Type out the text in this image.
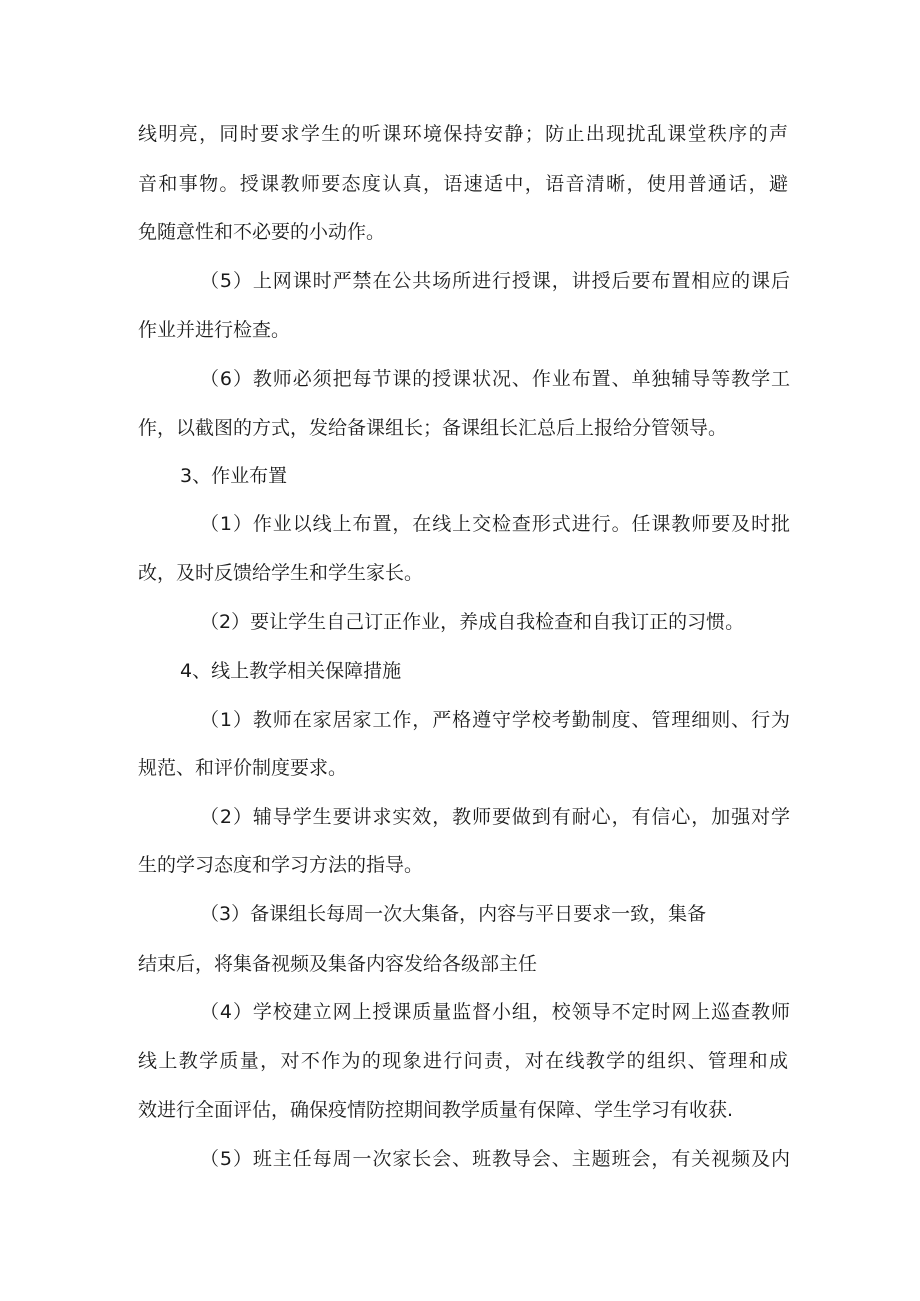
线明亮，同时要求学生的听课环境保持安静；防止出现扰乱课堂秩序的声
音和事物。授课教师要态度认真，语速适中，语音清晰，使用普通话，避
免随意性和不必要的小动作。
（5）上网课时严禁在公共场所进行授课，讲授后要布置相应的课后
作业并进行检查。
（6）教师必须把每节课的授课状况、作业布置、单独辅导等教学工
作，以截图的方式，发给备课组长；备课组长汇总后上报给分管领导。
3、作业布置
（1）作业以线上布置，在线上交检查形式进行。任课教师要及时批
改，及时反馈给学生和学生家长。
（2）要让学生自己订正作业，养成自我检查和自我订正的习惯。
4、线上教学相关保障措施
（1）教师在家居家工作，严格遵守学校考勤制度、管理细则、行为
规范、和评价制度要求。
（2）辅导学生要讲求实效，教师要做到有耐心，有信心，加强对学
生的学习态度和学习方法的指导。
（3）备课组长每周一次大集备，内容与平日要求一致，集备
结束后，将集备视频及集备内容发给各级部主任
（4）学校建立网上授课质量监督小组，校领导不定时网上巡查教师
线上教学质量，对不作为的现象进行问责，对在线教学的组织、管理和成
效进行全面评估，确保疫情防控期间教学质量有保障、学生学习有收获.
（5）班主任每周一次家长会、班教导会、主题班会，有关视频及内
